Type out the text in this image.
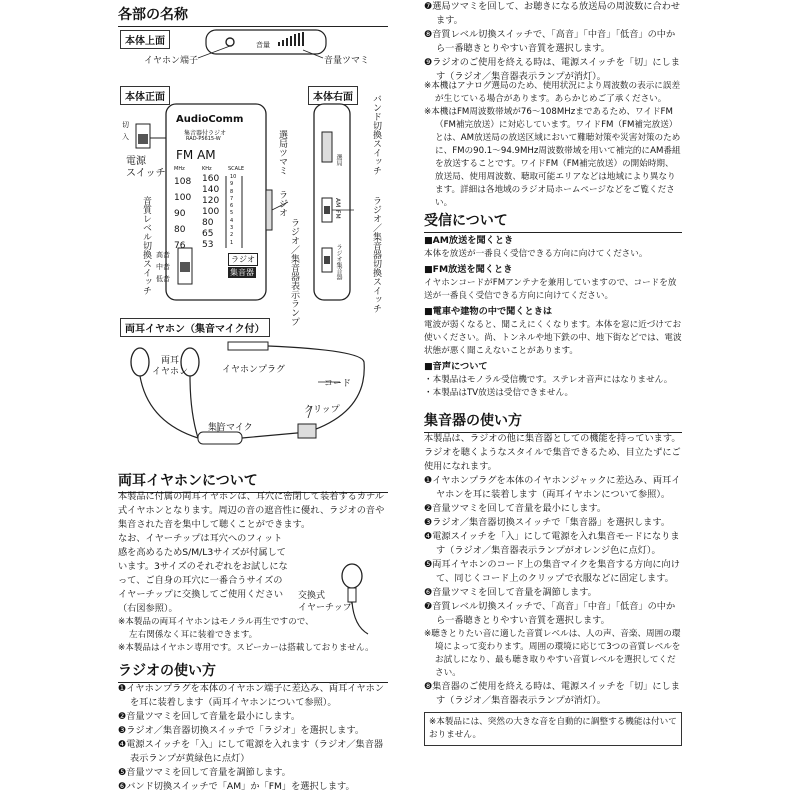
各部の名称
本体上面	音量
イヤホン端子	音量ツマミ
本体正面	本体右面
AudioComm
集音器付ラジオ
RAD-P5615-W
FM AM
MHz	KHz	SCALE
108
100
90
80
76
160
140
120
100
80
65
53
10
9
8
7
6
5
4
3
2
1
ラジオ
集音器
切
入
電源
スイッチ
音質レベル切換スイッチ 高音
中音
低音
選局ツマミ
ラジオ
ラジオ／集音器表示ランプ
バンド切換スイッチ
ラジオ／集音器切換スイッチ
選局
AM
FM
ラジオ
集音器
両耳イヤホン（集音マイク付）
両耳
イヤホン	イヤホンプラグ
コード
クリップ
集音マイク
両耳イヤホンについて

本製品に付属の両耳イヤホンは、耳穴に密閉して装着するカナル式イヤホンとなります。周辺の音の遮音性に優れ、ラジオの音や集音された音を集中して聴くことができます。

なお、イヤーチップは耳穴へのフィット感を高めるためS/M/L3サイズが付属しています。3サイズのそれぞれをお試しになって、ご自身の耳穴に一番合うサイズのイヤーチップに交換してご使用ください（右図参照）。

※本製品の両耳イヤホンはモノラル再生ですので、左右関係なく耳に装着できます。

※本製品はイヤホン専用です。スピーカーは搭載しておりません。

交換式
イヤーチップ
ラジオの使い方

❶イヤホンプラグを本体のイヤホン端子に差込み、両耳イヤホンを耳に装着します（両耳イヤホンについて参照）。

❷音量ツマミを回して音量を最小にします。

❸ラジオ／集音器切換スイッチで「ラジオ」を選択します。

❹電源スイッチを「入」にして電源を入れます（ラジオ／集音器表示ランプが黄緑色に点灯）

❺音量ツマミを回して音量を調節します。

❻バンド切換スイッチで「AM」か「FM」を選択します。

❼選局ツマミを回して、お聴きになる放送局の周波数に合わせます。

❽音質レベル切換スイッチで、「高音」「中音」「低音」の中から一番聴きとりやすい音質を選択します。

❾ラジオのご使用を終える時は、電源スイッチを「切」にします（ラジオ／集音器表示ランプが消灯）。

※本機はアナログ選局のため、使用状況により周波数の表示に誤差が生じている場合があります。あらかじめご了承ください。

※本機はFM周波数帯域が76〜108MHzまであるため、ワイドFM（FM補完放送）に対応しています。ワイドFM（FM補完放送）とは、AM放送局の放送区域において難聴対策や災害対策のために、FMの90.1〜94.9MHz周波数帯域を用いて補完的にAM番組を放送することです。ワイドFM（FM補完放送）の開始時期、放送局、使用周波数、聴取可能エリアなどは地域により異なります。詳細は各地域のラジオ局ホームページなどをご覧ください。

受信について

■AM放送を聞くとき

本体を放送が一番良く受信できる方向に向けてください。

■FM放送を聞くとき

イヤホンコードがFMアンテナを兼用していますので、コードを放送が一番良く受信できる方向に向けてください。

■電車や建物の中で聞くときは

電波が弱くなると、聞こえにくくなります。本体を窓に近づけてお使いください。尚、トンネルや地下鉄の中、地下街などでは、電波状態が悪く聞こえないことがあります。

■音声について

・本製品はモノラル受信機です。ステレオ音声にはなりません。
・本製品はTV放送は受信できません。

集音器の使い方

本製品は、ラジオの他に集音器としての機能を持っています。ラジオを聴くようなスタイルで集音できるため、目立たずにご使用になれます。

❶イヤホンプラグを本体のイヤホンジャックに差込み、両耳イヤホンを耳に装着します（両耳イヤホンについて参照）。

❷音量ツマミを回して音量を最小にします。

❸ラジオ／集音器切換スイッチで「集音器」を選択します。

❹電源スイッチを「入」にして電源を入れ集音モードになります（ラジオ／集音器表示ランプがオレンジ色に点灯）。

❺両耳イヤホンのコード上の集音マイクを集音する方向に向けて、同じくコード上のクリップで衣服などに固定します。

❻音量ツマミを回して音量を調節します。

❼音質レベル切換スイッチで、「高音」「中音」「低音」の中から一番聴きとりやすい音質を選択します。

※聴きとりたい音に適した音質レベルは、人の声、音楽、周囲の環境によって変わります。周囲の環境に応じて3つの音質レベルをお試しになり、最も聴き取りやすい音質レベルを選択してください。

❽集音器のご使用を終える時は、電源スイッチを「切」にします（ラジオ／集音器表示ランプが消灯）。

※本製品には、突然の大きな音を自動的に調整する機能は付いておりません。
